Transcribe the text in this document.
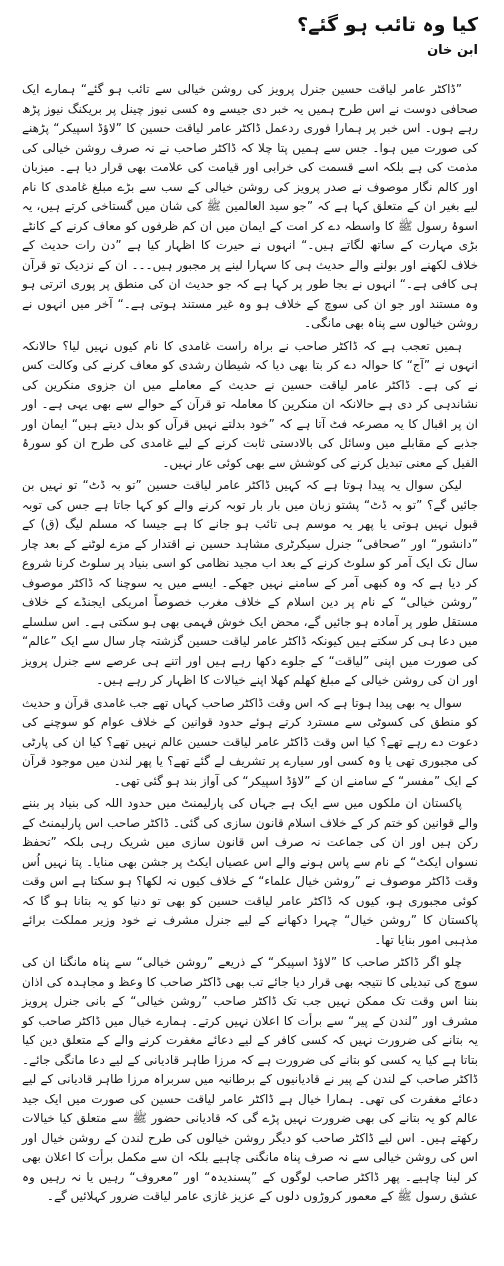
کیا وہ تائب ہو گئے؟
ابن خان

”ڈاکٹر عامر لیاقت حسین جنرل پرویز کی روشن خیالی سے تائب ہو گئے“ ہمارے ایک صحافی دوست نے اس طرح ہمیں یہ خبر دی جیسے وہ کسی نیوز چینل پر بریکنگ نیوز پڑھ رہے ہوں۔ اس خبر پر ہمارا فوری ردعمل ڈاکٹر عامر لیاقت حسین کا ”لاؤڈ اسپیکر“ پڑھنے کی صورت میں ہوا۔ جس سے ہمیں پتا چلا کہ ڈاکٹر صاحب نے نہ صرف روشن خیالی کی مذمت کی ہے بلکہ اسے قسمت کی خرابی اور قیامت کی علامت بھی قرار دیا ہے۔ میزبان اور کالم نگار موصوف نے صدر پرویز کی روشن خیالی کے سب سے بڑے مبلغ غامدی کا نام لیے بغیر ان کے متعلق کہا ہے کہ ”جو سید العالمین ﷺ کی شان میں گستاخی کرتے ہیں، یہ اسوۂ رسول ﷺ کا واسطہ دے کر امت کے ایمان میں ان کم ظرفوں کو معاف کرنے کے کانٹے بڑی مہارت کے ساتھ لگاتے ہیں۔“ انہوں نے حیرت کا اظہار کیا ہے ”دن رات حدیث کے خلاف لکھنے اور بولنے والے حدیث ہی کا سہارا لینے پر مجبور ہیں۔۔۔ ان کے نزدیک تو قرآن ہی کافی ہے۔“ انہوں نے بجا طور پر کہا ہے کہ جو حدیث ان کی منطق پر پوری اترتی ہو وہ مستند اور جو ان کی سوچ کے خلاف ہو وہ غیر مستند ہوتی ہے۔“ آخر میں انہوں نے روشن خیالوں سے پناہ بھی مانگی۔

ہمیں تعجب ہے کہ ڈاکٹر صاحب نے براہ راست غامدی کا نام کیوں نہیں لیا؟ حالانکہ انہوں نے ”آج“ کا حوالہ دے کر بتا بھی دیا کہ شیطان رشدی کو معاف کرنے کی وکالت کس نے کی ہے۔ ڈاکٹر عامر لیاقت حسین نے حدیث کے معاملے میں ان جزوی منکرین کی نشاندہی کر دی ہے حالانکہ ان منکرین کا معاملہ تو قرآن کے حوالے سے بھی یہی ہے۔ اور ان پر اقبال کا یہ مصرعہ فٹ آتا ہے کہ ”خود بدلتے نہیں قرآں کو بدل دیتے ہیں“ ایمان اور جذبے کے مقابلے میں وسائل کی بالادستی ثابت کرنے کے لیے غامدی کی طرح ان کو سورۂ الفیل کے معنی تبدیل کرنے کی کوشش سے بھی کوئی عار نہیں۔

لیکن سوال یہ پیدا ہوتا ہے کہ کہیں ڈاکٹر عامر لیاقت حسین ”تو بہ ڈٹ“ تو نہیں بن جائیں گے؟ ”تو بہ ڈٹ“ پشتو زبان میں بار بار توبہ کرنے والے کو کہا جاتا ہے جس کی توبہ قبول نہیں ہوتی یا پھر یہ موسم ہی تائب ہو جانے کا ہے جیسا کہ مسلم لیگ (ق) کے ”دانشور“ اور ”صحافی“ جنرل سیکرٹری مشاہد حسین نے اقتدار کے مزے لوٹنے کے بعد چار سال تک ایک آمر کو سلوٹ کرنے کے بعد اب مجید نظامی کو اسی بنیاد پر سلوٹ کرنا شروع کر دیا ہے کہ وہ کبھی آمر کے سامنے نہیں جھکے۔ ایسے میں یہ سوچنا کہ ڈاکٹر موصوف ”روشن خیالی“ کے نام پر دین اسلام کے خلاف مغرب خصوصاً امریکی ایجنڈے کے خلاف مستقل طور پر آمادہ ہو جائیں گے، محض ایک خوش فہمی بھی ہو سکتی ہے۔ اس سلسلے میں دعا ہی کر سکتے ہیں کیونکہ ڈاکٹر عامر لیاقت حسین گزشتہ چار سال سے ایک ”عالم“ کی صورت میں اپنی ”لیاقت“ کے جلوے دکھا رہے ہیں اور اتنے ہی عرصے سے جنرل پرویز اور ان کی روشن خیالی کے مبلغ کھلم کھلا اپنے خیالات کا اظہار کر رہے ہیں۔

سوال یہ بھی پیدا ہوتا ہے کہ اس وقت ڈاکٹر صاحب کہاں تھے جب غامدی قرآن و حدیث کو منطق کی کسوٹی سے مسترد کرتے ہوئے حدود قوانین کے خلاف عوام کو سوچنے کی دعوت دے رہے تھے؟ کیا اس وقت ڈاکٹر عامر لیاقت حسین عالم نہیں تھے؟ کیا ان کی پارٹی کی مجبوری تھی یا وہ کسی اور سیارے پر تشریف لے گئے تھے؟ یا پھر لندن میں موجود قرآن کے ایک ”مفسر“ کے سامنے ان کے ”لاؤڈ اسپیکر“ کی آواز بند ہو گئی تھی۔

پاکستان ان ملکوں میں سے ایک ہے جہاں کی پارلیمنٹ میں حدود اللہ کی بنیاد پر بننے والے قوانین کو ختم کر کے خلاف اسلام قانون سازی کی گئی۔ ڈاکٹر صاحب اس پارلیمنٹ کے رکن ہیں اور ان کی جماعت نہ صرف اس قانون سازی میں شریک رہی بلکہ ”تحفظ نسواں ایکٹ“ کے نام سے پاس ہونے والے اس عصیاں ایکٹ پر جشن بھی منایا۔ پتا نہیں اُس وقت ڈاکٹر موصوف نے ”روشن خیال علماء“ کے خلاف کیوں نہ لکھا؟ ہو سکتا ہے اس وقت کوئی مجبوری ہو، کیوں کہ ڈاکٹر عامر لیاقت حسین کو بھی تو دنیا کو یہ بتانا ہو گا کہ پاکستان کا ”روشن خیال“ چہرا دکھانے کے لیے جنرل مشرف نے خود وزیر مملکت برائے مذہبی امور بنایا تھا۔

چلو اگر ڈاکٹر صاحب کا ”لاؤڈ اسپیکر“ کے ذریعے ”روشن خیالی“ سے پناہ مانگنا ان کی سوچ کی تبدیلی کا نتیجہ بھی قرار دیا جائے تب بھی ڈاکٹر صاحب کا وعظ و مجاہدہ کی اذان بننا اس وقت تک ممکن نہیں جب تک ڈاکٹر صاحب ”روشن خیالی“ کے بانی جنرل پرویز مشرف اور ”لندن کے پیر“ سے برأت کا اعلان نہیں کرتے۔ ہمارے خیال میں ڈاکٹر صاحب کو یہ بتانے کی ضرورت نہیں کہ کسی کافر کے لیے دعائے مغفرت کرنے والے کے متعلق دین کیا بتاتا ہے کیا یہ کسی کو بتانے کی ضرورت ہے کہ مرزا طاہر قادیانی کے لیے دعا مانگی جائے۔ ڈاکٹر صاحب کے لندن کے پیر نے قادیانیوں کے برطانیہ میں سربراہ مرزا طاہر قادیانی کے لیے دعائے مغفرت کی تھی۔ ہمارا خیال ہے ڈاکٹر عامر لیاقت حسین کی صورت میں ایک جید عالم کو یہ بتانے کی بھی ضرورت نہیں پڑے گی کہ قادیانی حضور ﷺ سے متعلق کیا خیالات رکھتے ہیں۔ اس لیے ڈاکٹر صاحب کو دیگر روشن خیالوں کی طرح لندن کے روشن خیال اور اس کی روشن خیالی سے نہ صرف پناہ مانگنی چاہیے بلکہ ان سے مکمل برأت کا اعلان بھی کر لینا چاہیے۔ پھر ڈاکٹر صاحب لوگوں کے ”پسندیدہ“ اور ”معروف“ رہیں یا نہ رہیں وہ عشق رسول ﷺ کے معمور کروڑوں دلوں کے عزیز غازی عامر لیاقت ضرور کہلائیں گے۔
